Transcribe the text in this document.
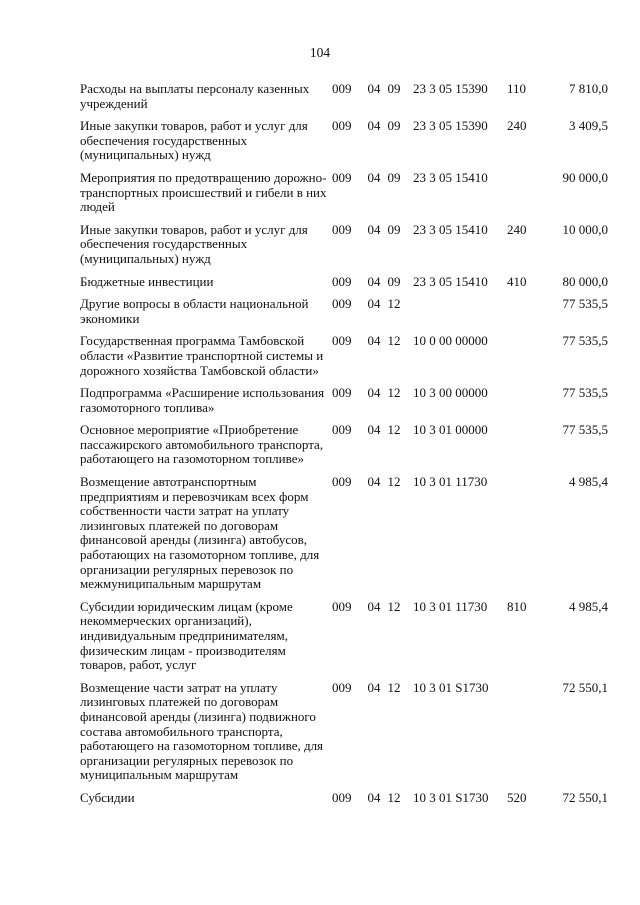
104
Расходы на выплаты персоналу казенных учреждений	009	04	09	23 3 05 15390	110	7 810,0
Иные закупки товаров, работ и услуг для обеспечения государственных (муниципальных) нужд	009	04	09	23 3 05 15390	240	3 409,5
Мероприятия по предотвращению дорожно-транспортных происшествий и гибели в них людей	009	04	09	23 3 05 15410		90 000,0
Иные закупки товаров, работ и услуг для обеспечения государственных (муниципальных) нужд	009	04	09	23 3 05 15410	240	10 000,0
Бюджетные инвестиции	009	04	09	23 3 05 15410	410	80 000,0
Другие вопросы в области национальной экономики	009	04	12			77 535,5
Государственная программа Тамбовской области «Развитие транспортной системы и дорожного хозяйства Тамбовской области»	009	04	12	10 0 00 00000		77 535,5
Подпрограмма «Расширение использования газомоторного топлива»	009	04	12	10 3 00 00000		77 535,5
Основное мероприятие «Приобретение пассажирского автомобильного транспорта, работающего на газомоторном топливе»	009	04	12	10 3 01 00000		77 535,5
Возмещение автотранспортным предприятиям и перевозчикам всех форм собственности части затрат на уплату лизинговых платежей по договорам финансовой аренды (лизинга) автобусов, работающих на газомоторном топливе, для организации регулярных перевозок по межмуниципальным маршрутам	009	04	12	10 3 01 11730		4 985,4
Субсидии юридическим лицам (кроме некоммерческих организаций), индивидуальным предпринимателям, физическим лицам - производителям товаров, работ, услуг	009	04	12	10 3 01 11730	810	4 985,4
Возмещение части затрат на уплату лизинговых платежей по договорам финансовой аренды (лизинга) подвижного состава автомобильного транспорта, работающего на газомоторном топливе, для организации регулярных перевозок по муниципальным маршрутам	009	04	12	10 3 01 S1730		72 550,1
Субсидии	009	04	12	10 3 01 S1730	520	72 550,1
